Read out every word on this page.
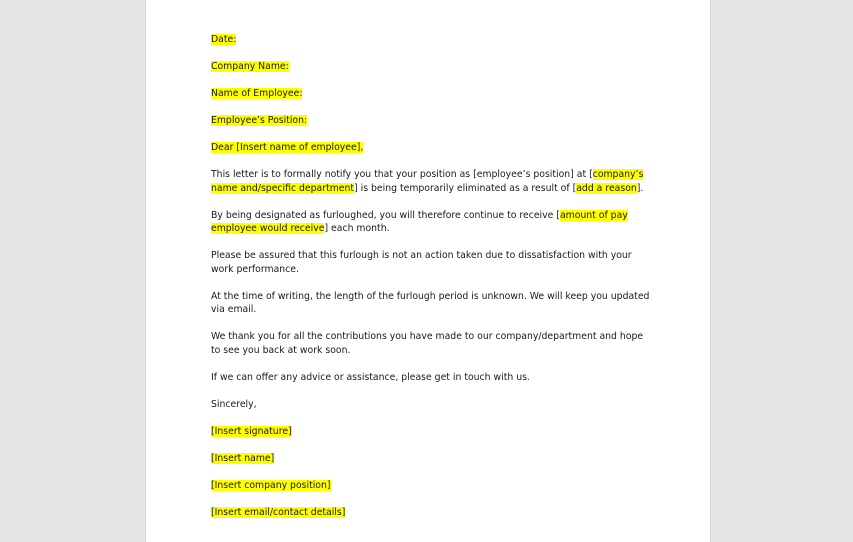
Date:

Company Name:

Name of Employee:

Employee’s Position:

Dear [Insert name of employee],

This letter is to formally notify you that your position as [employee’s position] at [company’s name and/specific department] is being temporarily eliminated as a result of [add a reason].

By being designated as furloughed, you will therefore continue to receive [amount of pay employee would receive] each month.

Please be assured that this furlough is not an action taken due to dissatisfaction with your work performance.

At the time of writing, the length of the furlough period is unknown. We will keep you updated via email.

We thank you for all the contributions you have made to our company/department and hope to see you back at work soon.

If we can offer any advice or assistance, please get in touch with us.

Sincerely,

[Insert signature]

[Insert name]

[Insert company position]

[Insert email/contact details]
